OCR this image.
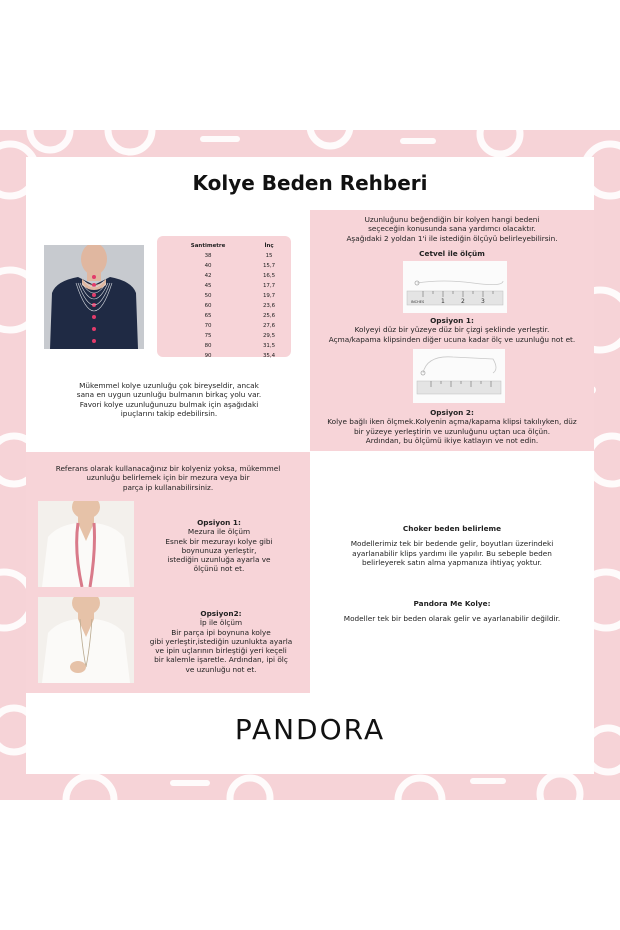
Kolye Beden Rehberi
Santimetre	İnç
38	15
40	15,7
42	16,5
45	17,7
50	19,7
60	23,6
65	25,6
70	27,6
75	29,5
80	31,5
90	35,4
Mükemmel kolye uzunluğu çok bireyseldir, ancak
sana en uygun uzunluğu bulmanın birkaç yolu var.
Favori kolye uzunluğunuzu bulmak için aşağıdaki
ipuçlarını takip edebilirsin.
Uzunluğunu beğendiğin bir kolyen hangi bedeni
seçeceğin konusunda sana yardımcı olacaktır.
Aşağıdaki 2 yoldan 1'i ile istediğin ölçüyü belirleyebilirsin.
Cetvel ile ölçüm
INCHES	1	2	3
Opsiyon 1:
Kolyeyi düz bir yüzeye düz bir çizgi şeklinde yerleştir.
Açma/kapama klipsinden diğer ucuna kadar ölç ve uzunluğu not et.
Opsiyon 2:
Kolye bağlı iken ölçmek.Kolyenin açma/kapama klipsi takılıyken, düz
bir yüzeye yerleştirin ve uzunluğunu uçtan uca ölçün.
Ardından, bu ölçümü ikiye katlayın ve not edin.
Referans olarak kullanacağınız bir kolyeniz yoksa, mükemmel
uzunluğu belirlemek için bir mezura veya bir
parça ip kullanabilirsiniz.
Opsiyon 1:
Mezura ile ölçüm
Esnek bir mezurayı kolye gibi
boynunuza yerleştir,
istediğin uzunluğa ayarla ve
ölçünü not et.
Opsiyon2:
İp ile ölçüm
Bir parça ipi boynuna kolye
gibi yerleştir,istediğin uzunlukta ayarla
ve ipin uçlarının birleştiği yeri keçeli
bir kalemle işaretle. Ardından, ipi ölç
ve uzunluğu not et.
Choker beden belirleme
Modellerimiz tek bir bedende gelir, boyutları üzerindeki
ayarlanabilir klips yardımı ile yapılır. Bu sebeple beden
belirleyerek satın alma yapmanıza ihtiyaç yoktur.
Pandora Me Kolye:
Modeller tek bir beden olarak gelir ve ayarlanabilir değildir.
PANDORA
